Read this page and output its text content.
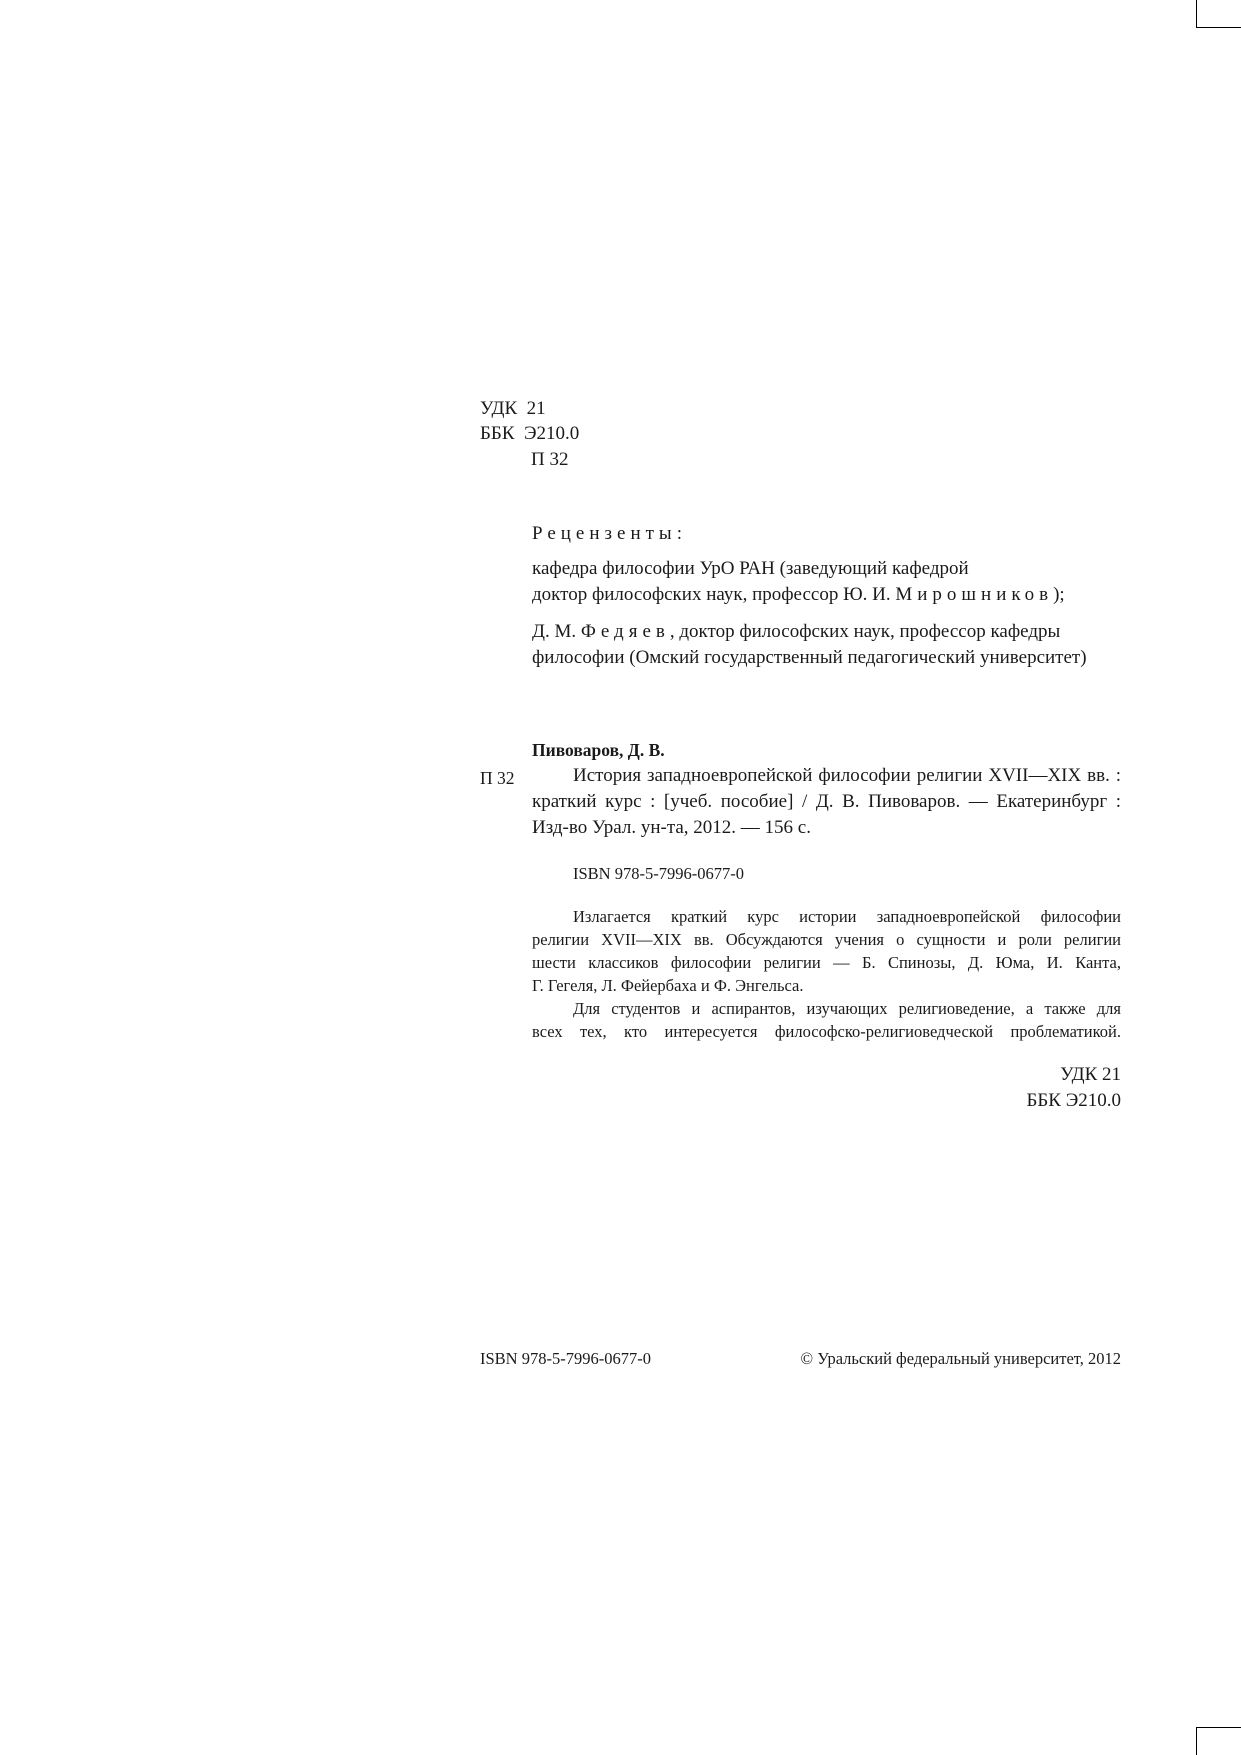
УДК 21
ББК Э210.0
П 32
Рецензенты:
кафедра философии УрО РАН (заведующий кафедрой
доктор философских наук, профессор Ю. И. Мирошников);
Д. М. Федяев, доктор философских наук, профессор кафедры
философии (Омский государственный педагогический университет)
Пивоваров, Д. В.
П 32	История западноевропейской философии религии XVII—XIX вв. :
краткий курс : [учеб. пособие] / Д. В. Пивоваров. — Екатеринбург :
Изд-во Урал. ун-та, 2012. — 156 с.
ISBN 978-5-7996-0677-0
Излагается краткий курс истории западноевропейской философии
религии XVII—XIX вв. Обсуждаются учения о сущности и роли религии
шести классиков философии религии — Б. Спинозы, Д. Юма, И. Канта,
Г. Гегеля, Л. Фейербаха и Ф. Энгельса.
Для студентов и аспирантов, изучающих религиоведение, а также для
всех тех, кто интересуется философско-религиоведческой проблематикой.
УДК 21
ББК Э210.0
ISBN 978-5-7996-0677-0	© Уральский федеральный университет, 2012
